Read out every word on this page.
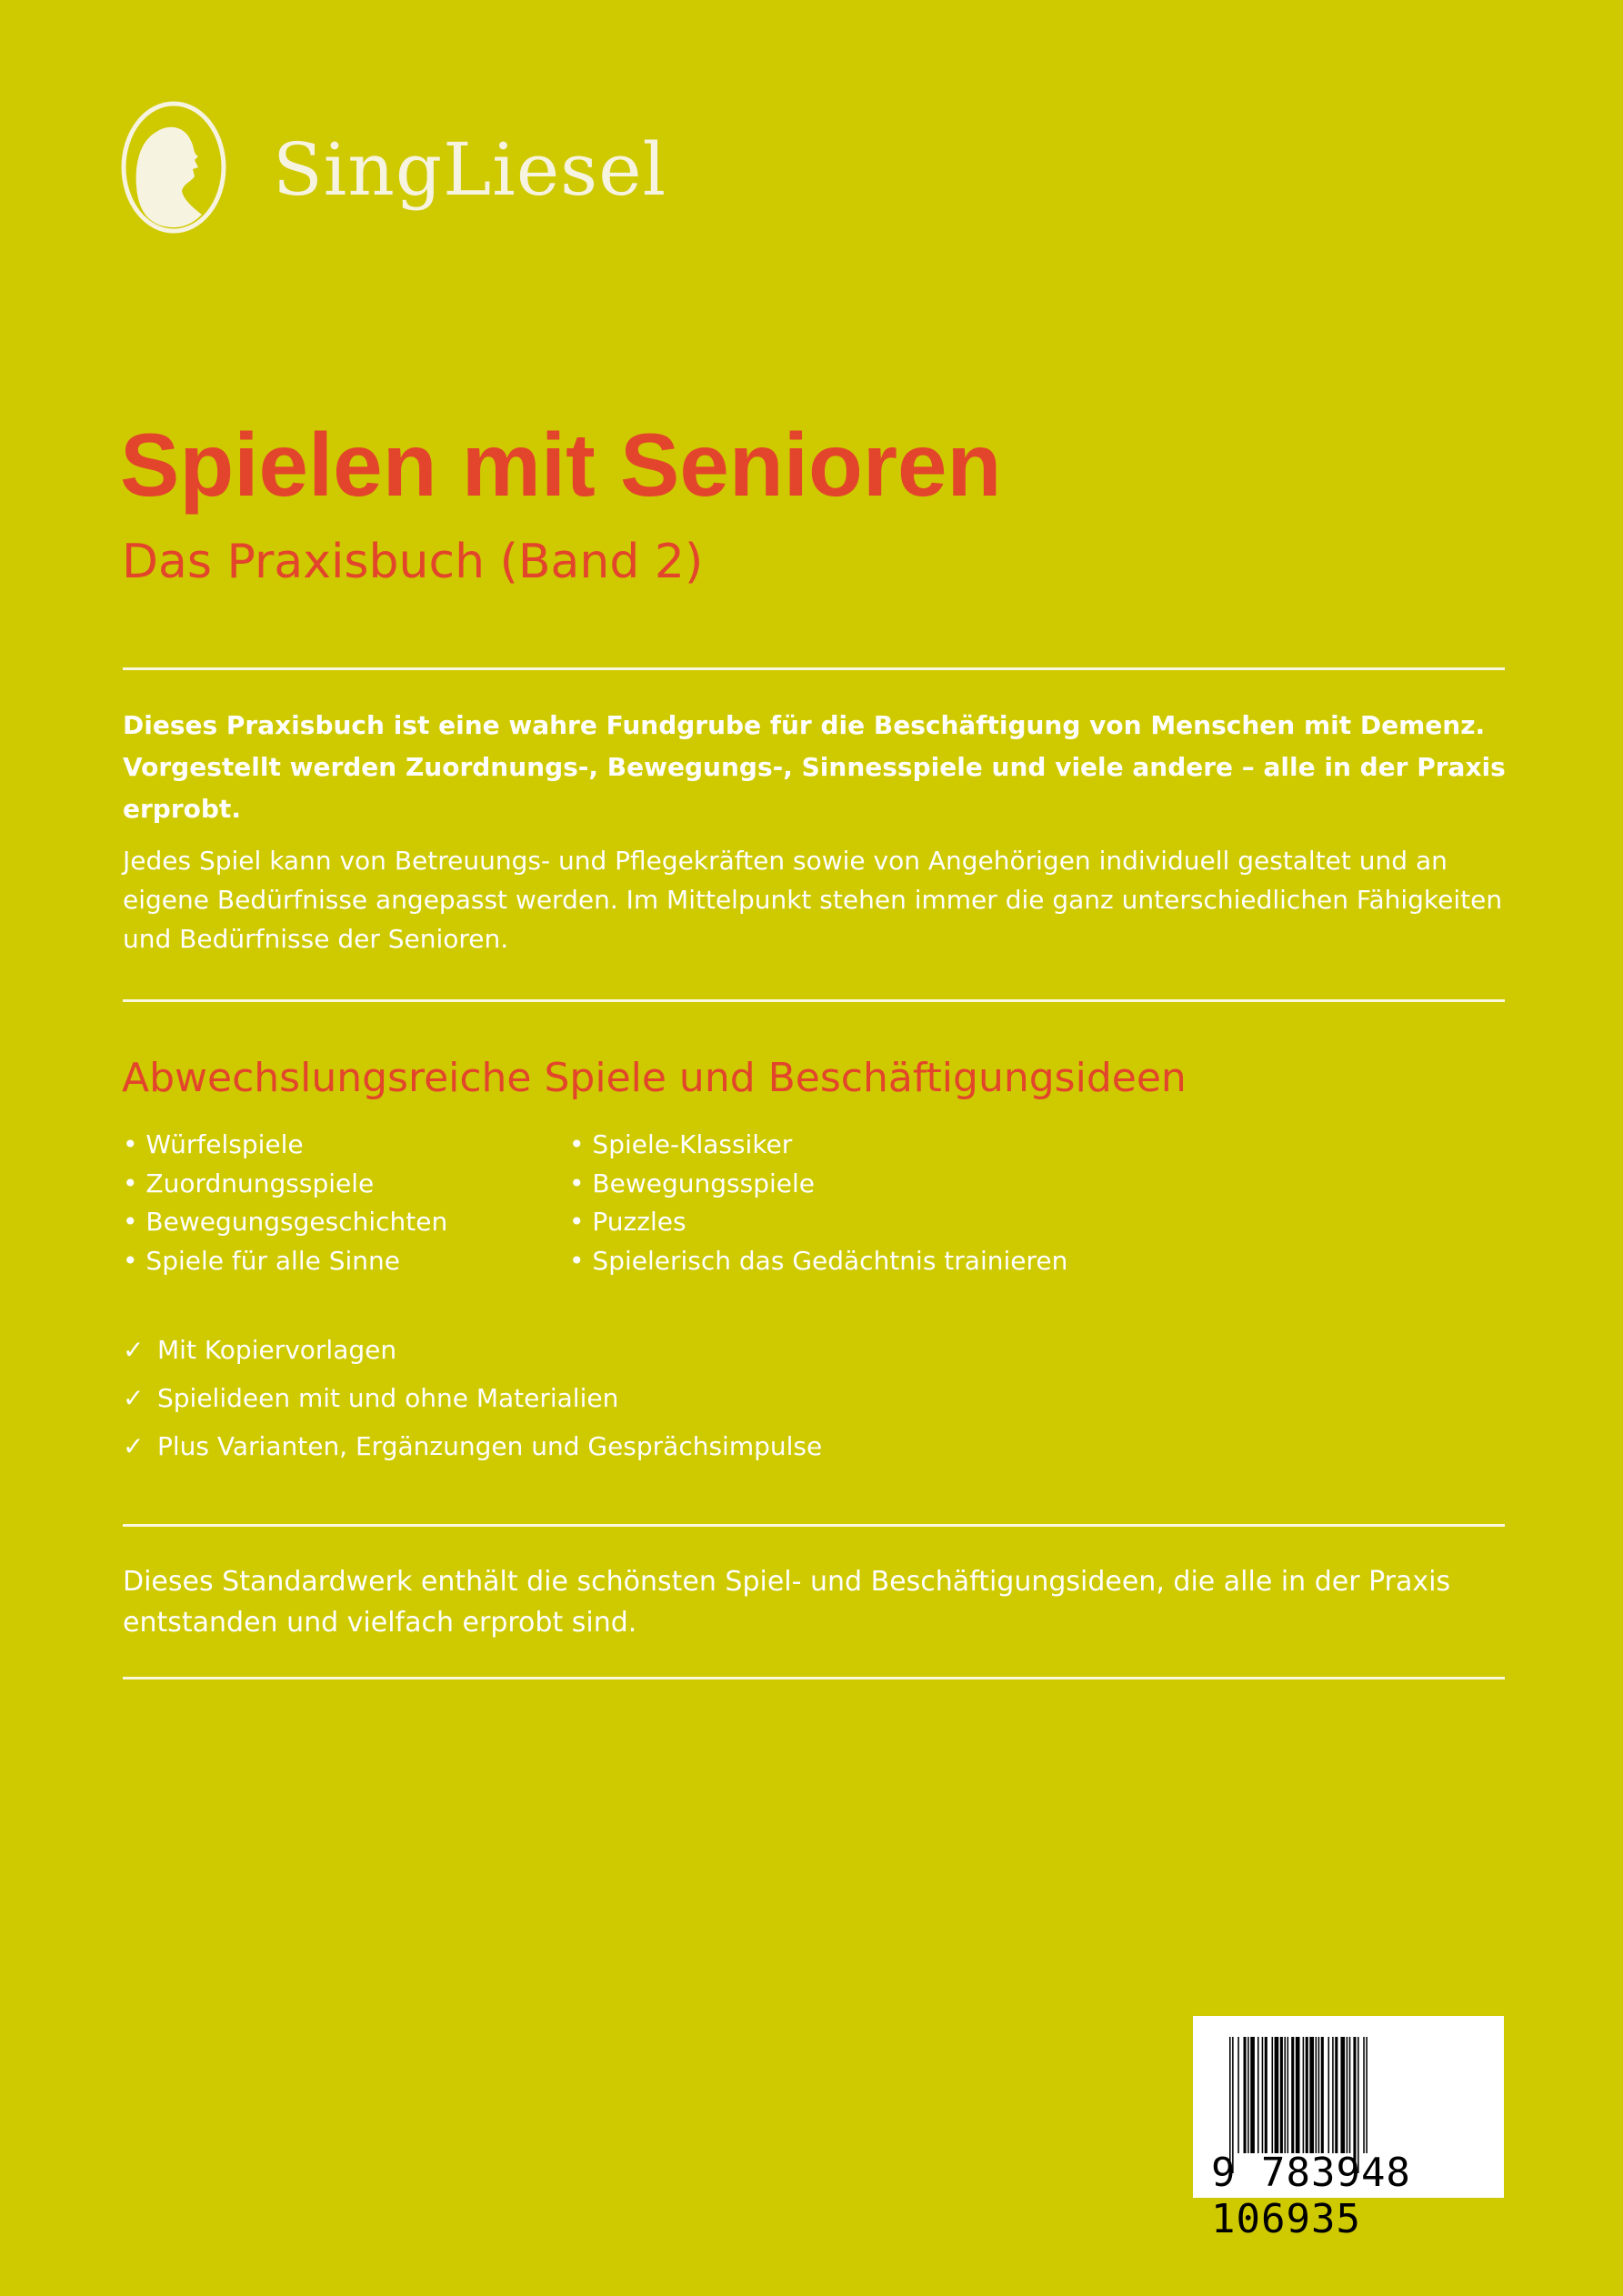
SingLiesel
Spielen mit Senioren
Das Praxisbuch (Band 2)
Dieses Praxisbuch ist eine wahre Fundgrube für die Beschäftigung von Menschen mit Demenz. Vorgestellt werden Zuordnungs-, Bewegungs-, Sinnesspiele und viele andere – alle in der Praxis erprobt.
Jedes Spiel kann von Betreuungs- und Pflegekräften sowie von Angehörigen individuell gestaltet und an eigene Bedürfnisse angepasst werden. Im Mittelpunkt stehen immer die ganz unterschiedlichen Fähigkeiten und Bedürfnisse der Senioren.
Abwechslungsreiche Spiele und Beschäftigungsideen
• Würfelspiele
• Zuordnungsspiele
• Bewegungsgeschichten
• Spiele für alle Sinne
• Spiele-Klassiker
• Bewegungsspiele
• Puzzles
• Spielerisch das Gedächtnis trainieren
✓ Mit Kopiervorlagen
✓ Spielideen mit und ohne Materialien
✓ Plus Varianten, Ergänzungen und Gesprächsimpulse
Dieses Standardwerk enthält die schönsten Spiel- und Beschäftigungsideen, die alle in der Praxis entstanden und vielfach erprobt sind.
9 783948 106935
